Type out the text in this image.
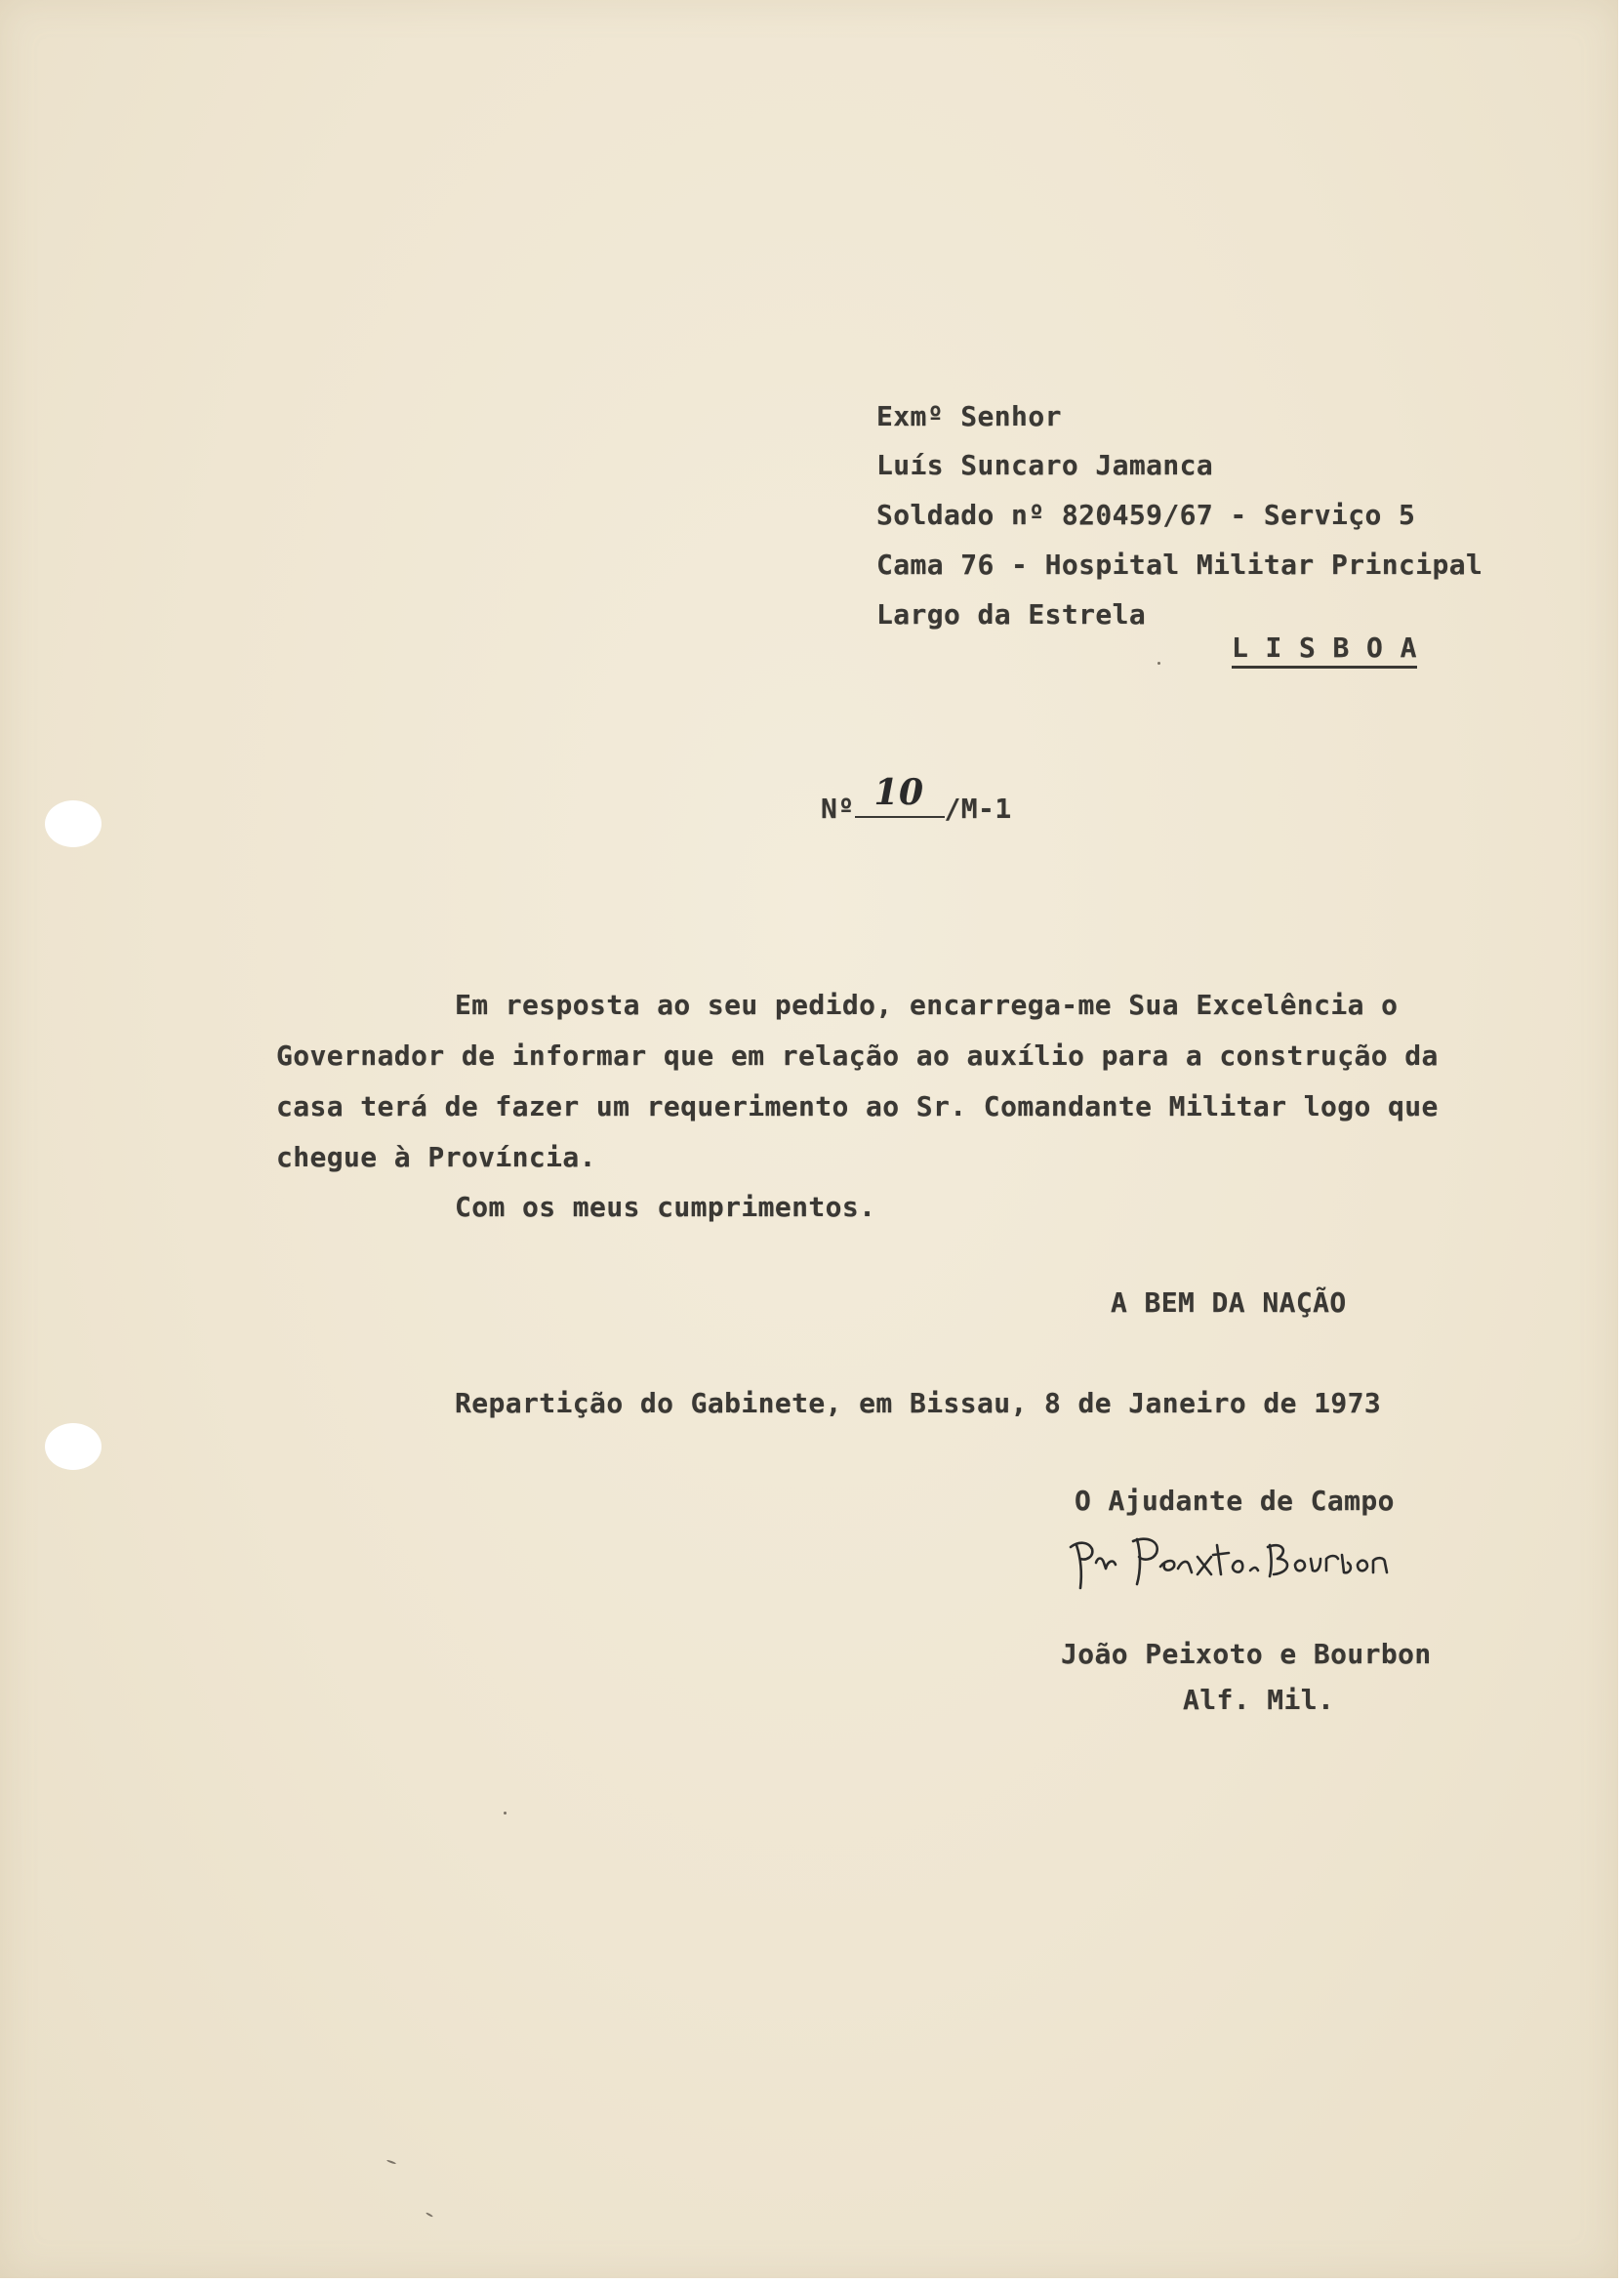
Exmº Senhor
Luís Suncaro Jamanca
Soldado nº 820459/67 - Serviço 5
Cama 76 - Hospital Militar Principal
Largo da Estrela
L I S B O A

Nº 10 /M-1

Em resposta ao seu pedido, encarrega-me Sua Excelência o
Governador de informar que em relação ao auxílio para a construção da
casa terá de fazer um requerimento ao Sr. Comandante Militar logo que
chegue à Província.
Com os meus cumprimentos.
A BEM DA NAÇÃO
Repartição do Gabinete, em Bissau, 8 de Janeiro de 1973
O Ajudante de Campo
João Peixoto e Bourbon
Alf. Mil.
